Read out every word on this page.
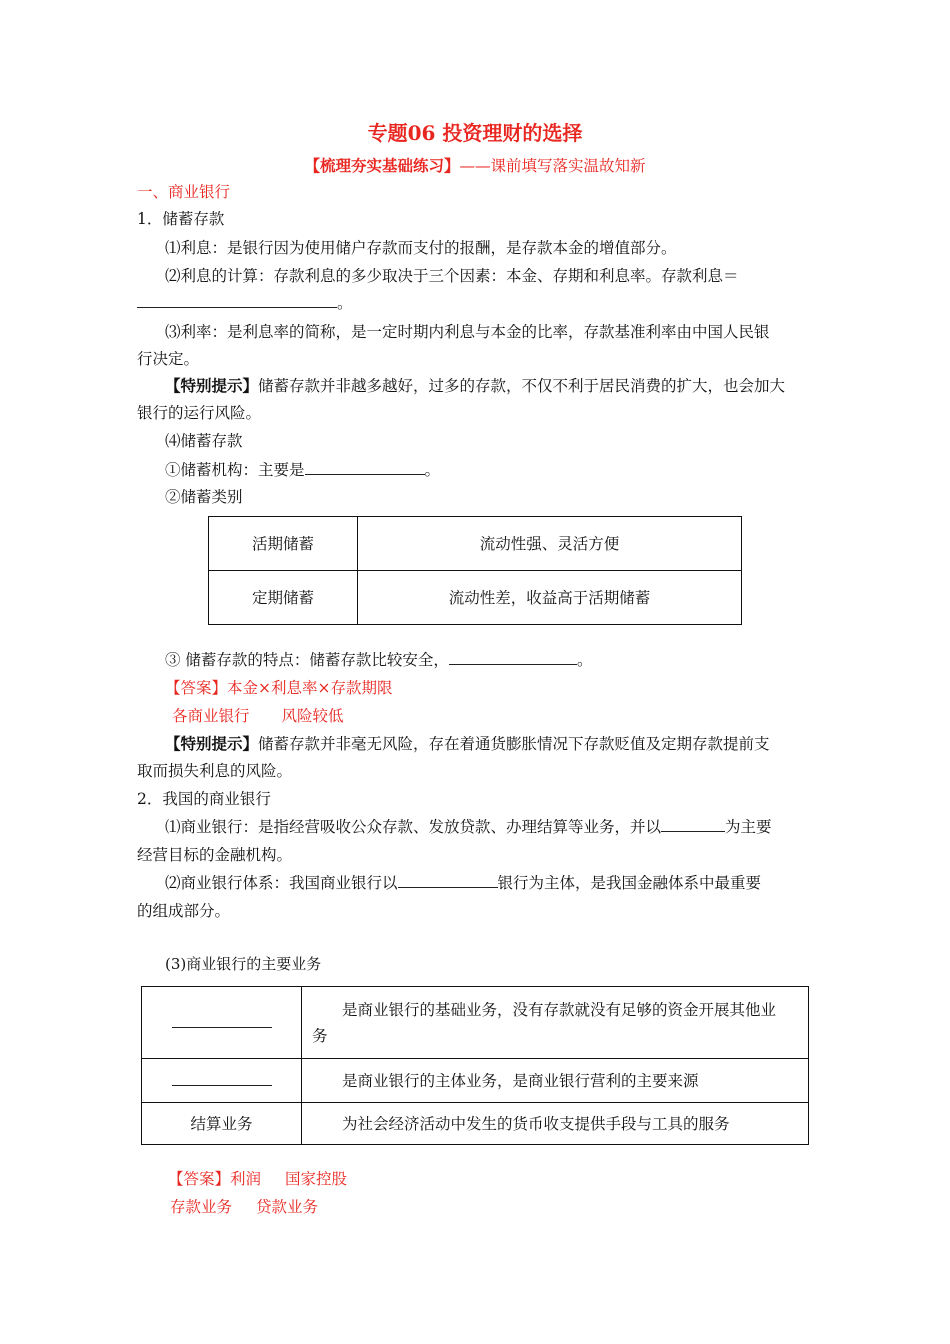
专题06 投资理财的选择
【梳理夯实基础练习】——课前填写落实温故知新
一、商业银行
1．储蓄存款
⑴利息：是银行因为使用储户存款而支付的报酬，是存款本金的增值部分。
⑵利息的计算：存款利息的多少取决于三个因素：本金、存期和利息率。存款利息＝
。
⑶利率：是利息率的简称，是一定时期内利息与本金的比率，存款基准利率由中国人民银
行决定。
【特别提示】储蓄存款并非越多越好，过多的存款，不仅不利于居民消费的扩大，也会加大
银行的运行风险。
⑷储蓄存款
①储蓄机构：主要是	。
②储蓄类别
活期储蓄	流动性强、灵活方便
定期储蓄	流动性差，收益高于活期储蓄
③ 储蓄存款的特点：储蓄存款比较安全，	。
【答案】本金×利息率×存款期限
各商业银行 风险较低
【特别提示】储蓄存款并非毫无风险，存在着通货膨胀情况下存款贬值及定期存款提前支
取而损失利息的风险。
2．我国的商业银行
⑴商业银行：是指经营吸收公众存款、发放贷款、办理结算等业务，并以	为主要
经营目标的金融机构。
⑵商业银行体系：我国商业银行以	银行为主体，是我国金融体系中最重要
的组成部分。
(3)商业银行的主要业务

	是商业银行的基础业务，没有存款就没有足够的资金开展其他业
务

	是商业银行的主体业务，是商业银行营利的主要来源

结算业务	为社会经济活动中发生的货币收支提供手段与工具的服务
【答案】利润 国家控股
存款业务 贷款业务
